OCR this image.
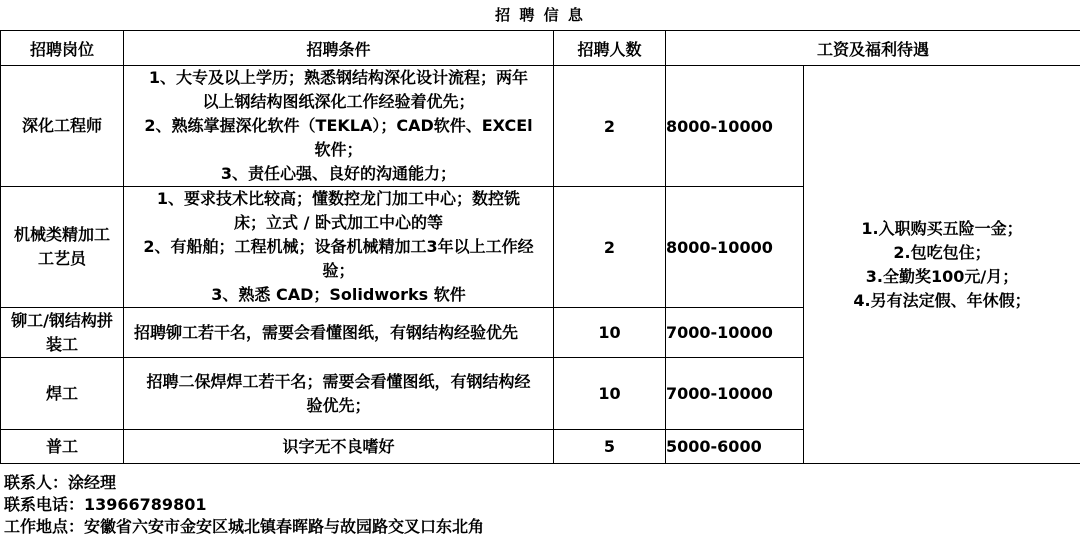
招 聘 信 息
招聘岗位	招聘条件	招聘人数	工资及福利待遇	

深化工程师	1、大专及以上学历；熟悉钢结构深化设计流程；两年
以上钢结构图纸深化工作经验着优先；
2、熟练掌握深化软件（TEKLA）；CAD软件、EXCEl
软件；
3、责任心强、良好的沟通能力；	2	8000-10000	1.入职购买五险一金；
2.包吃包住；
3.全勤奖100元/月；
4.另有法定假、年休假；

机械类精加工
工艺员	1、要求技术比较高；懂数控龙门加工中心；数控铣
床；立式 / 卧式加工中心的等
2、有船舶；工程机械；设备机械精加工3年以上工作经
验；
3、熟悉 CAD；Solidworks 软件	2	8000-10000	

铆工/钢结构拼
装工	招聘铆工若干名，需要会看懂图纸，有钢结构经验优先	10	7000-10000	

焊工	招聘二保焊焊工若干名；需要会看懂图纸，有钢结构经
验优先；	10	7000-10000	

普工	识字无不良嗜好	5	5000-6000	
联系人：涂经理
联系电话：13966789801
工作地点：安徽省六安市金安区城北镇春晖路与故园路交叉口东北角
